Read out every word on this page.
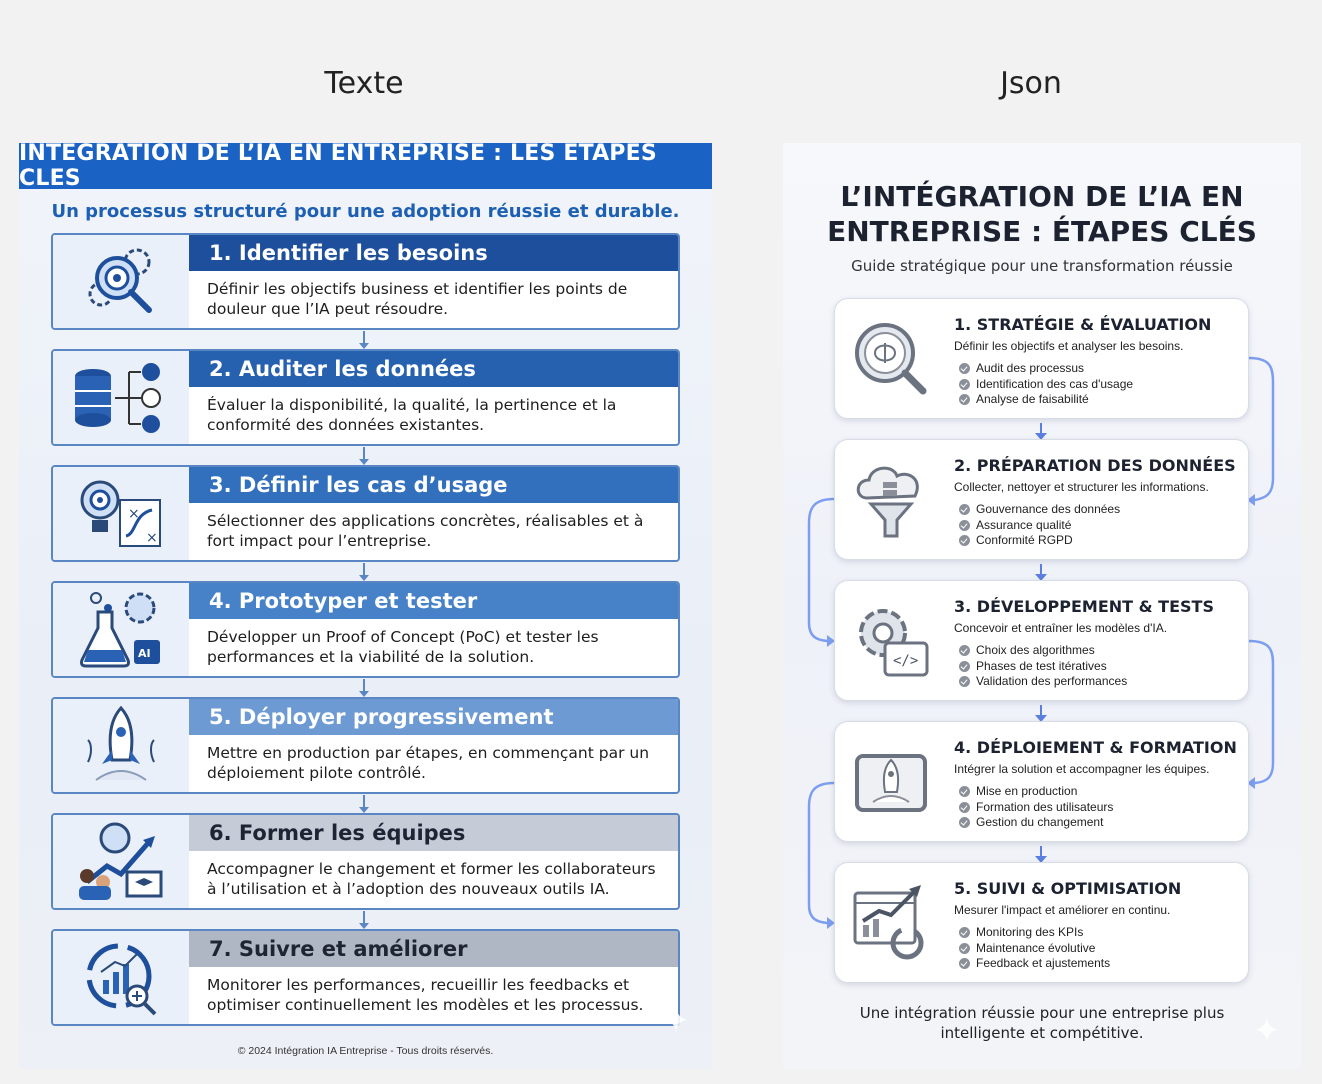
Texte	Json
INTEGRATION DE L’IA EN ENTREPRISE : LES ETAPES CLES
Un processus structuré pour une adoption réussie et durable.
1. Identifier les besoins
Définir les objectifs business et identifier les points de douleur que l’IA peut résoudre.
2. Auditer les données
Évaluer la disponibilité, la qualité, la pertinence et la conformité des données existantes.
×
×
3. Définir les cas d’usage
Sélectionner des applications concrètes, réalisables et à fort impact pour l’entreprise.
AI
4. Prototyper et tester
Développer un Proof of Concept (PoC) et tester les performances et la viabilité de la solution.
5. Déployer progressivement
Mettre en production par étapes, en commençant par un déploiement pilote contrôlé.
6. Former les équipes
Accompagner le changement et former les collaborateurs à l’utilisation et à l’adoption des nouveaux outils IA.
7. Suivre et améliorer
Monitorer les performances, recueillir les feedbacks et optimiser continuellement les modèles et les processus.
© 2024 Intégration IA Entreprise - Tous droits réservés.
✦
L’INTÉGRATION DE L’IA EN
ENTREPRISE : ÉTAPES CLÉS
Guide stratégique pour une transformation réussie
1. STRATÉGIE & ÉVALUATION
Définir les objectifs et analyser les besoins.
Audit des processus
Identification des cas d'usage
Analyse de faisabilité
2. PRÉPARATION DES DONNÉES
Collecter, nettoyer et structurer les informations.
Gouvernance des données
Assurance qualité
Conformité RGPD
</>
3. DÉVELOPPEMENT & TESTS
Concevoir et entraîner les modèles d'IA.
Choix des algorithmes
Phases de test itératives
Validation des performances
4. DÉPLOIEMENT & FORMATION
Intégrer la solution et accompagner les équipes.
Mise en production
Formation des utilisateurs
Gestion du changement
5. SUIVI & OPTIMISATION
Mesurer l'impact et améliorer en continu.
Monitoring des KPIs
Maintenance évolutive
Feedback et ajustements
Une intégration réussie pour une entreprise plus intelligente et compétitive.	✦
